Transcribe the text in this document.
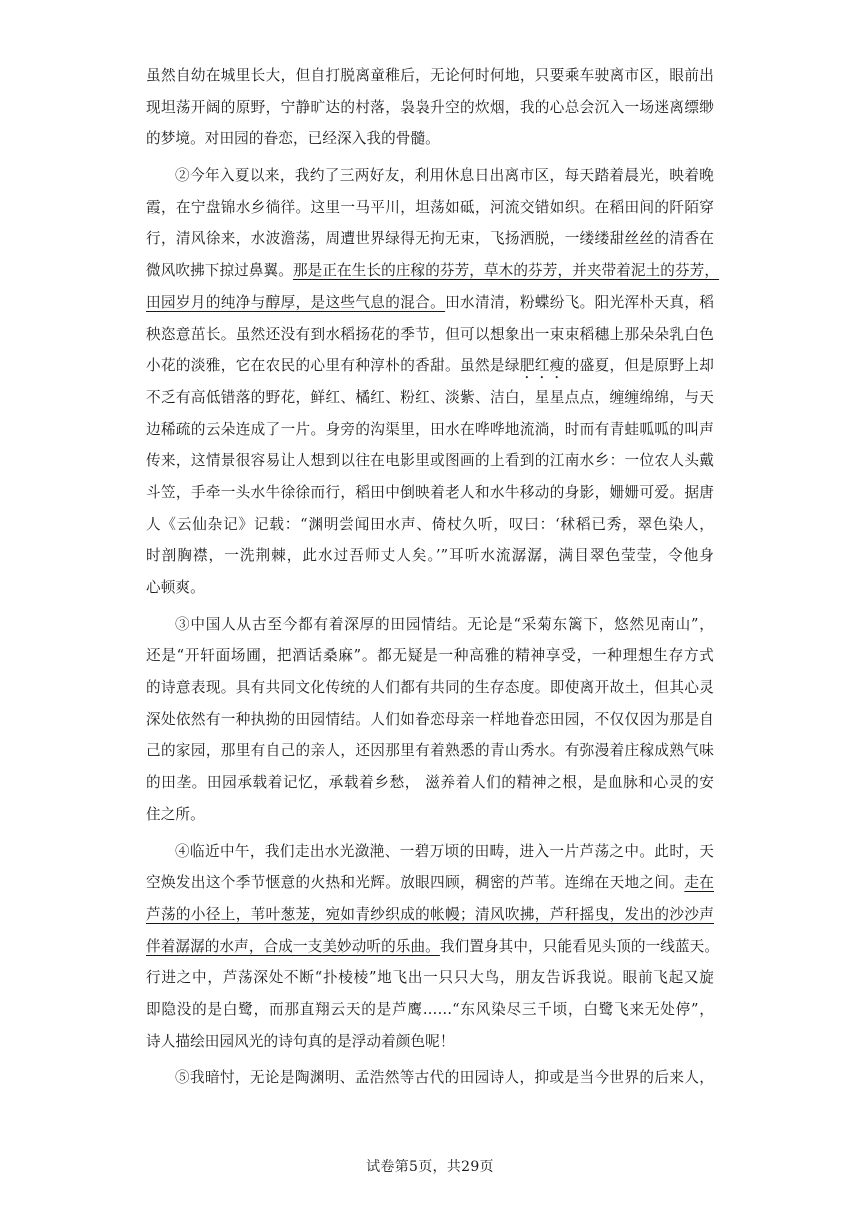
虽然自幼在城里长大，但自打脱离童稚后，无论何时何地，只要乘车驶离市区，眼前出
现坦荡开阔的原野，宁静旷达的村落，袅袅升空的炊烟，我的心总会沉入一场迷离缥缈
的梦境。对田园的眷恋，已经深入我的骨髓。
②今年入夏以来，我约了三两好友，利用休息日出离市区，每天踏着晨光，映着晚
霞，在宁盘锦水乡徜徉。这里一马平川，坦荡如砥，河流交错如织。在稻田间的阡陌穿
行，清风徐来，水波澹荡，周遭世界绿得无拘无束，飞扬洒脱，一缕缕甜丝丝的清香在
微风吹拂下掠过鼻翼。那是正在生长的庄稼的芬芳，草木的芬芳，并夹带着泥土的芬芳，
田园岁月的纯净与醇厚，是这些气息的混合。田水清清，粉蝶纷飞。阳光浑朴天真，稻
秧恣意茁长。虽然还没有到水稻扬花的季节，但可以想象出一束束稻穗上那朵朵乳白色
小花的淡雅，它在农民的心里有种淳朴的香甜。虽然是绿肥红瘦的盛夏，但是原野上却
不乏有高低错落的野花，鲜红、橘红、粉红、淡紫、洁白，星星点点，缠缠绵绵，与天
边稀疏的云朵连成了一片。身旁的沟渠里，田水在哗哗地流淌，时而有青蛙呱呱的叫声
传来，这情景很容易让人想到以往在电影里或图画的上看到的江南水乡：一位农人头戴
斗笠，手牵一头水牛徐徐而行，稻田中倒映着老人和水牛移动的身影，姗姗可爱。据唐
人《云仙杂记》记载：“渊明尝闻田水声、倚杖久听，叹曰：‘秫稻已秀，翠色染人，
时剖胸襟，一洗荆棘，此水过吾师丈人矣。’”耳听水流潺潺，满目翠色莹莹，令他身
心顿爽。
③中国人从古至今都有着深厚的田园情结。无论是“采菊东篱下，悠然见南山”，
还是“开轩面场圃，把酒话桑麻”。都无疑是一种高雅的精神享受，一种理想生存方式
的诗意表现。具有共同文化传统的人们都有共同的生存态度。即使离开故土，但其心灵
深处依然有一种执拗的田园情结。人们如眷恋母亲一样地眷恋田园，不仅仅因为那是自
己的家园，那里有自己的亲人，还因那里有着熟悉的青山秀水。有弥漫着庄稼成熟气味
的田垄。田园承载着记忆，承载着乡愁， 滋养着人们的精神之根，是血脉和心灵的安
住之所。
④临近中午，我们走出水光潋滟、一碧万顷的田畴，进入一片芦荡之中。此时，天
空焕发出这个季节惬意的火热和光辉。放眼四顾，稠密的芦苇。连绵在天地之间。走在
芦荡的小径上，苇叶葱茏，宛如青纱织成的帐幔；清风吹拂，芦秆摇曳，发出的沙沙声
伴着潺潺的水声，合成一支美妙动听的乐曲。我们置身其中，只能看见头顶的一线蓝天。
行进之中，芦荡深处不断“扑棱棱”地飞出一只只大鸟，朋友告诉我说。眼前飞起又旋
即隐没的是白鹭，而那直翔云天的是芦鹰……“东风染尽三千顷，白鹭飞来无处停”，
诗人描绘田园风光的诗句真的是浮动着颜色呢！
⑤我暗忖，无论是陶渊明、孟浩然等古代的田园诗人，抑或是当今世界的后来人，
试卷第5页，共29页
